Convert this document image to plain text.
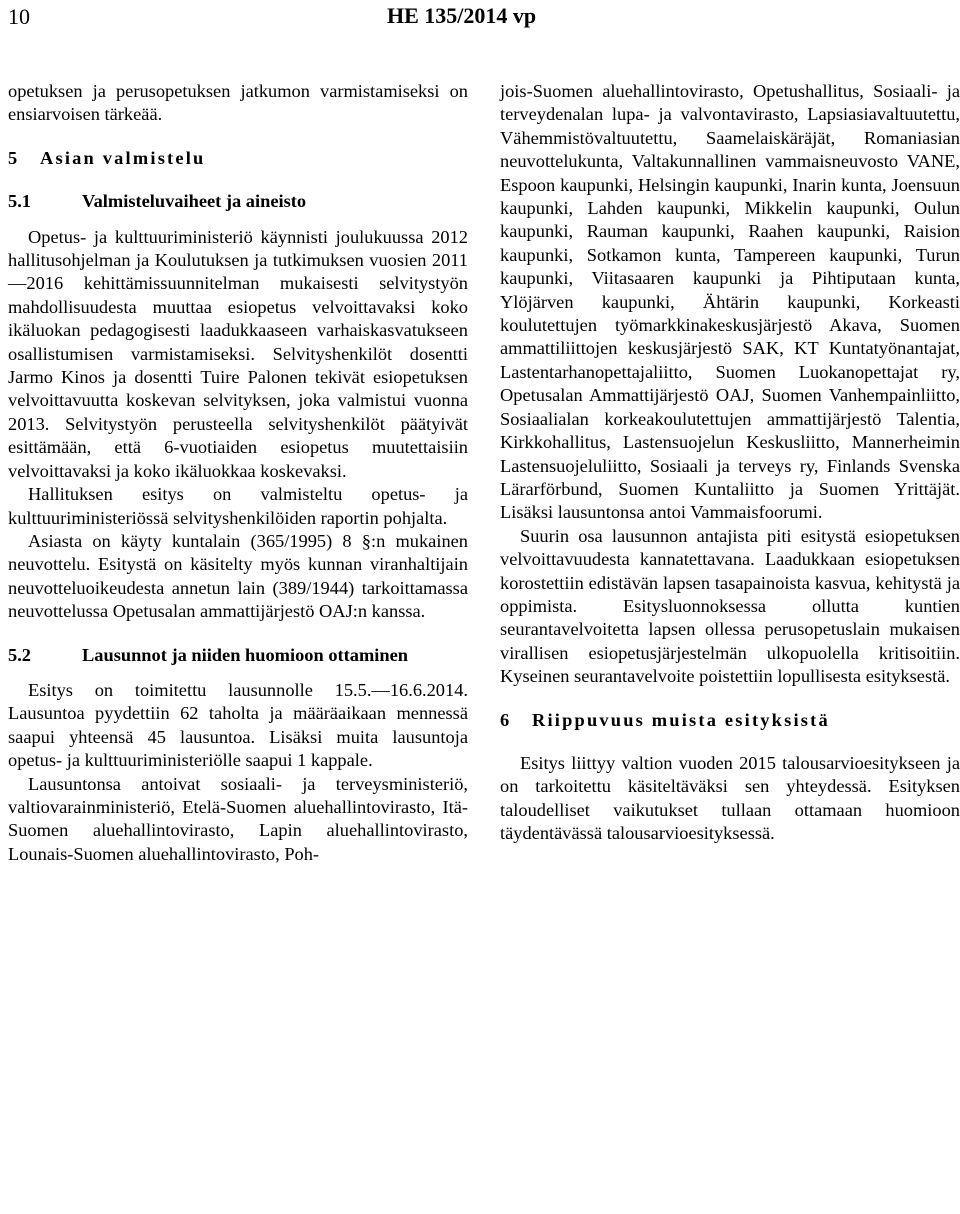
10	HE 135/2014 vp

opetuksen ja perusopetuksen jatkumon varmistamiseksi on ensiarvoisen tärkeää.

5 Asian valmistelu

5.1	Valmisteluvaiheet ja aineisto

Opetus- ja kulttuuriministeriö käynnisti joulukuussa 2012 hallitusohjelman ja Koulutuksen ja tutkimuksen vuosien 2011—2016 kehittämissuunnitelman mukaisesti selvitystyön mahdollisuudesta muuttaa esiopetus velvoittavaksi koko ikäluokan pedagogisesti laadukkaaseen varhaiskasvatukseen osallistumisen varmistamiseksi. Selvityshenkilöt dosentti Jarmo Kinos ja dosentti Tuire Palonen tekivät esiopetuksen velvoittavuutta koskevan selvityksen, joka valmistui vuonna 2013. Selvitystyön perusteella selvityshenkilöt päätyivät esittämään, että 6-vuotiaiden esiopetus muutettaisiin velvoittavaksi ja koko ikäluokkaa koskevaksi.

Hallituksen esitys on valmisteltu opetus- ja kulttuuriministeriössä selvityshenkilöiden raportin pohjalta.

Asiasta on käyty kuntalain (365/1995) 8 §:n mukainen neuvottelu. Esitystä on käsitelty myös kunnan viranhaltijain neuvotteluoikeudesta annetun lain (389/1944) tarkoittamassa neuvottelussa Opetusalan ammattijärjestö OAJ:n kanssa.

5.2	Lausunnot ja niiden huomioon ottaminen

Esitys on toimitettu lausunnolle 15.5.—16.6.2014. Lausuntoa pyydettiin 62 taholta ja määräaikaan mennessä saapui yhteensä 45 lausuntoa. Lisäksi muita lausuntoja opetus- ja kulttuuriministeriölle saapui 1 kappale.

Lausuntonsa antoivat sosiaali- ja terveysministeriö, valtiovarainministeriö, Etelä-Suomen aluehallintovirasto, Itä-Suomen aluehallintovirasto, Lapin aluehallintovirasto, Lounais-Suomen aluehallintovirasto, Poh-

jois-Suomen aluehallintovirasto, Opetushallitus, Sosiaali- ja terveydenalan lupa- ja valvontavirasto, Lapsiasiavaltuutettu, Vähemmistövaltuutettu, Saamelaiskäräjät, Romaniasian neuvottelukunta, Valtakunnallinen vammaisneuvosto VANE, Espoon kaupunki, Helsingin kaupunki, Inarin kunta, Joensuun kaupunki, Lahden kaupunki, Mikkelin kaupunki, Oulun kaupunki, Rauman kaupunki, Raahen kaupunki, Raision kaupunki, Sotkamon kunta, Tampereen kaupunki, Turun kaupunki, Viitasaaren kaupunki ja Pihtiputaan kunta, Ylöjärven kaupunki, Ähtärin kaupunki, Korkeasti koulutettujen työmarkkinakeskusjärjestö Akava, Suomen ammattiliittojen keskusjärjestö SAK, KT Kuntatyönantajat, Lastentarhanopettajaliitto, Suomen Luokanopettajat ry, Opetusalan Ammattijärjestö OAJ, Suomen Vanhempainliitto, Sosiaalialan korkeakoulutettujen ammattijärjestö Talentia, Kirkkohallitus, Lastensuojelun Keskusliitto, Mannerheimin Lastensuojeluliitto, Sosiaali ja terveys ry, Finlands Svenska Lärarförbund, Suomen Kuntaliitto ja Suomen Yrittäjät. Lisäksi lausuntonsa antoi Vammaisfoorumi.

Suurin osa lausunnon antajista piti esitystä esiopetuksen velvoittavuudesta kannatettavana. Laadukkaan esiopetuksen korostettiin edistävän lapsen tasapainoista kasvua, kehitystä ja oppimista. Esitysluonnoksessa ollutta kuntien seurantavelvoitetta lapsen ollessa perusopetuslain mukaisen virallisen esiopetusjärjestelmän ulkopuolella kritisoitiin. Kyseinen seurantavelvoite poistettiin lopullisesta esityksestä.

6 Riippuvuus muista esityksistä

Esitys liittyy valtion vuoden 2015 talousarvioesitykseen ja on tarkoitettu käsiteltäväksi sen yhteydessä. Esityksen taloudelliset vaikutukset tullaan ottamaan huomioon täydentävässä talousarvioesityksessä.
